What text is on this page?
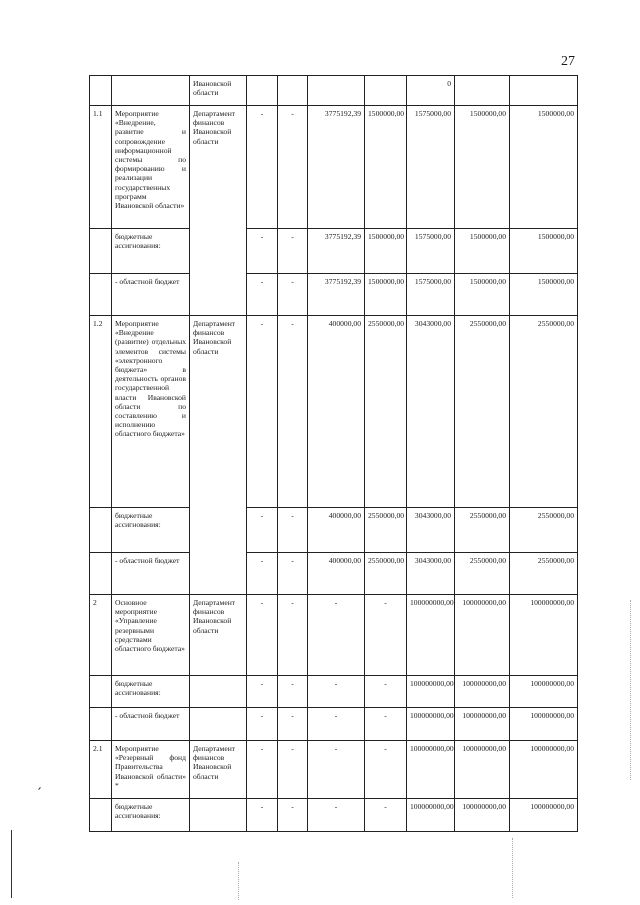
27
		Ивановской области					0		
1.1	Мероприятие «Внедрение, развитие и сопровождение информационной системы по формированию и реализации государственных программ Ивановской области»	Департамент финансов Ивановской области	-	-	3775192,39	1500000,00	1575000,00	1500000,00	1500000,00
	бюджетные ассигнования:		-	-	3775192,39	1500000,00	1575000,00	1500000,00	1500000,00
	- областной бюджет		-	-	3775192,39	1500000,00	1575000,00	1500000,00	1500000,00
1.2	Мероприятие «Внедрение (развитие) отдельных элементов системы «электронного бюджета» в деятельность органов государственной власти Ивановской области по составлению и исполнению областного бюджета»	Департамент финансов Ивановской области	-	-	400000,00	2550000,00	3043000,00	2550000,00	2550000,00
	бюджетные ассигнования:		-	-	400000,00	2550000,00	3043000,00	2550000,00	2550000,00
	- областной бюджет		-	-	400000,00	2550000,00	3043000,00	2550000,00	2550000,00
2	Основное мероприятие «Управление резервными средствами областного бюджета»	Департамент финансов Ивановской области	-	-	-	-	100000000,00	100000000,00	100000000,00
	бюджетные ассигнования:		-	-	-	-	100000000,00	100000000,00	100000000,00
	- областной бюджет		-	-	-	-	100000000,00	100000000,00	100000000,00
2.1	Мероприятие «Резервный фонд Правительства Ивановской области» *	Департамент финансов Ивановской области	-	-	-	-	100000000,00	100000000,00	100000000,00
	бюджетные ассигнования:		-	-	-	-	100000000,00	100000000,00	100000000,00
